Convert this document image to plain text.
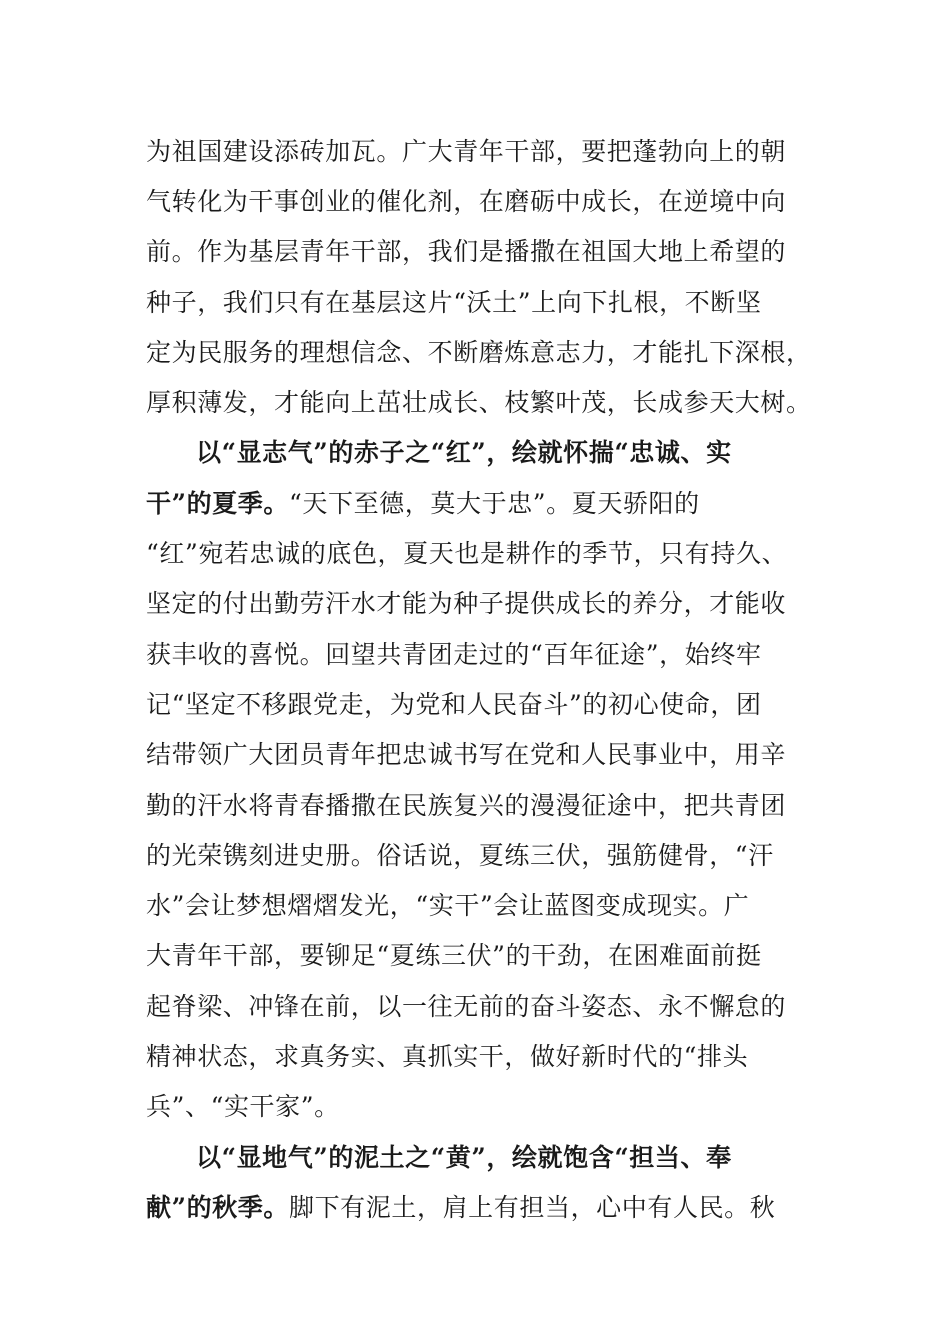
为祖国建设添砖加瓦。广大青年干部，要把蓬勃向上的朝
气转化为干事创业的催化剂，在磨砺中成长，在逆境中向
前。作为基层青年干部，我们是播撒在祖国大地上希望的
种子，我们只有在基层这片“沃土”上向下扎根，不断坚
定为民服务的理想信念、不断磨炼意志力，才能扎下深根，
厚积薄发，才能向上茁壮成长、枝繁叶茂，长成参天大树。
以“显志气”的赤子之“红”，绘就怀揣“忠诚、实
干”的夏季。“天下至德，莫大于忠”。夏天骄阳的
“红”宛若忠诚的底色，夏天也是耕作的季节，只有持久、
坚定的付出勤劳汗水才能为种子提供成长的养分，才能收
获丰收的喜悦。回望共青团走过的“百年征途”，始终牢
记“坚定不移跟党走，为党和人民奋斗”的初心使命，团
结带领广大团员青年把忠诚书写在党和人民事业中，用辛
勤的汗水将青春播撒在民族复兴的漫漫征途中，把共青团
的光荣镌刻进史册。俗话说，夏练三伏，强筋健骨，“汗
水”会让梦想熠熠发光，“实干”会让蓝图变成现实。广
大青年干部，要铆足“夏练三伏”的干劲，在困难面前挺
起脊梁、冲锋在前，以一往无前的奋斗姿态、永不懈怠的
精神状态，求真务实、真抓实干，做好新时代的“排头
兵”、“实干家”。
以“显地气”的泥土之“黄”，绘就饱含“担当、奉
献”的秋季。脚下有泥土，肩上有担当，心中有人民。秋
